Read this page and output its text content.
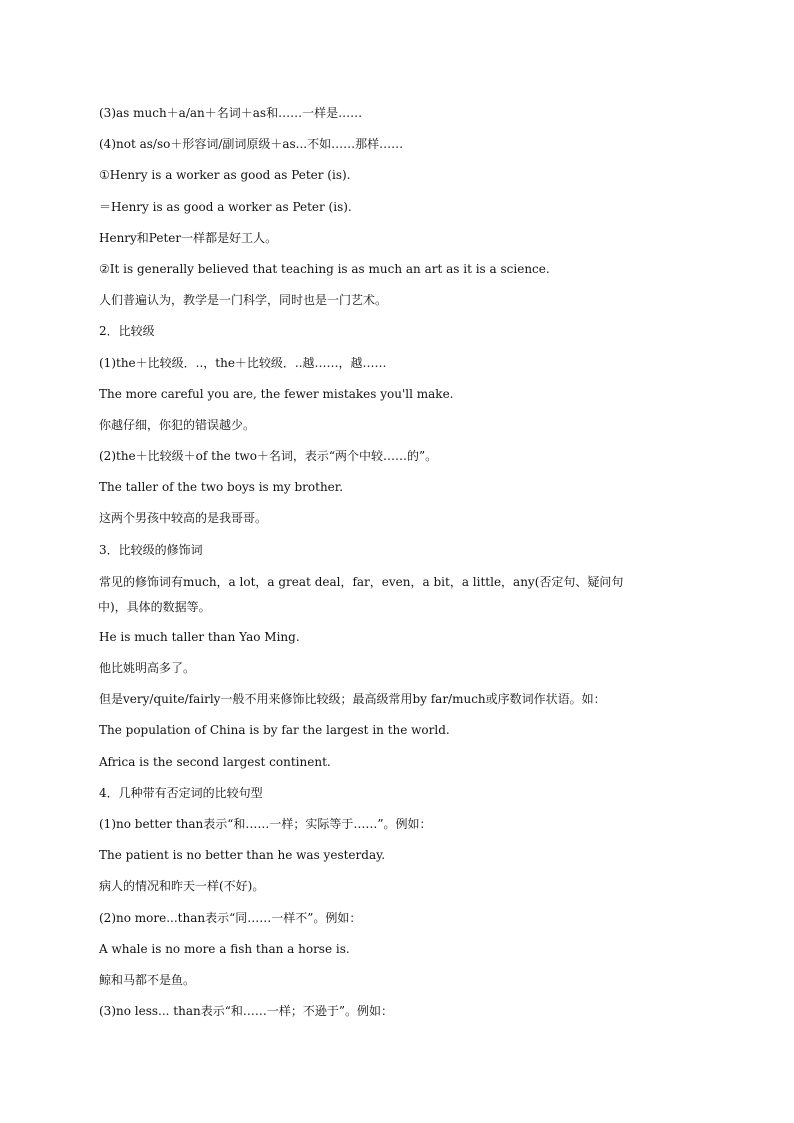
(3)as much＋a/an＋名词＋as和……一样是……
(4)not as/so＋形容词/副词原级＋as...不如……那样……
①Henry is a worker as good as Peter (is).
＝Henry is as good a worker as Peter (is).
Henry和Peter一样都是好工人。
②It is generally believed that teaching is as much an art as it is a science.
人们普遍认为，教学是一门科学，同时也是一门艺术。
2．比较级
(1)the＋比较级．..，the＋比较级．..越……，越……
The more careful you are, the fewer mistakes you'll make.
你越仔细，你犯的错误越少。
(2)the＋比较级＋of the two＋名词，表示“两个中较……的”。
The taller of the two boys is my brother.
这两个男孩中较高的是我哥哥。
3．比较级的修饰词
常见的修饰词有much，a lot，a great deal，far，even，a bit，a little，any(否定句、疑问句
中)，具体的数据等。
He is much taller than Yao Ming.
他比姚明高多了。
但是very/quite/fairly一般不用来修饰比较级；最高级常用by far/much或序数词作状语。如：
The population of China is by far the largest in the world.
Africa is the second largest continent.
4．几种带有否定词的比较句型
(1)no better than表示“和……一样；实际等于……”。例如：
The patient is no better than he was yesterday.
病人的情况和昨天一样(不好)。
(2)no more...than表示“同……一样不”。例如：
A whale is no more a fish than a horse is.
鲸和马都不是鱼。
(3)no less... than表示“和……一样；不逊于”。例如：
